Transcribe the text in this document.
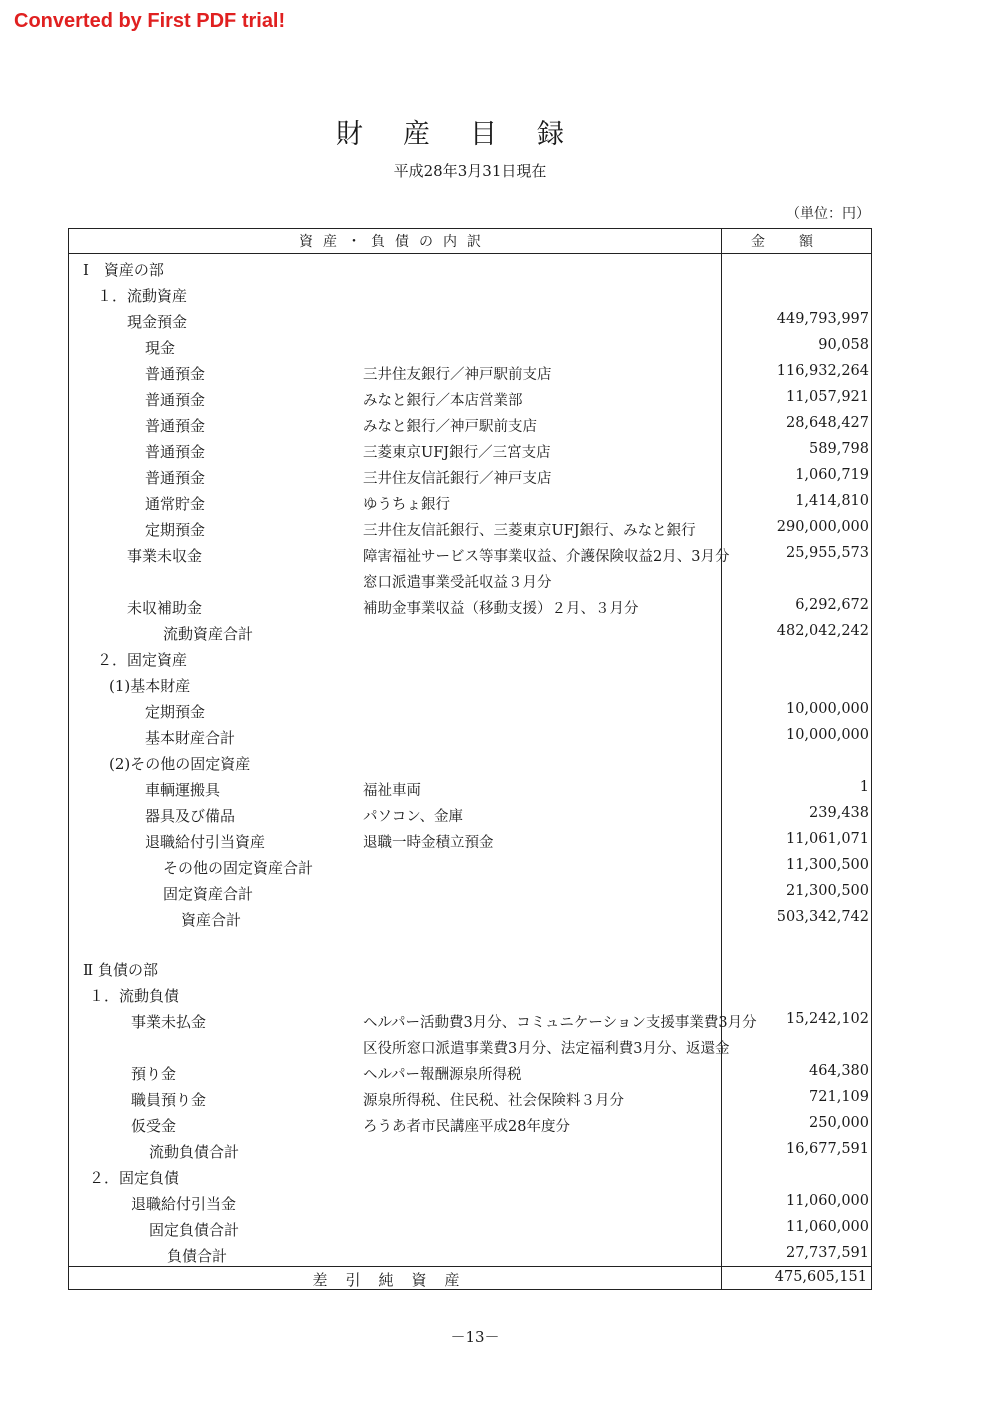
Converted by First PDF trial!
財産目録
平成28年3月31日現在
（単位：円）
資産・負債の内訳	金額
Ⅰ　資産の部
１．流動資産
現金預金	449,793,997
現金	90,058
普通預金	三井住友銀行／神戸駅前支店	116,932,264
普通預金	みなと銀行／本店営業部	11,057,921
普通預金	みなと銀行／神戸駅前支店	28,648,427
普通預金	三菱東京UFJ銀行／三宮支店	589,798
普通預金	三井住友信託銀行／神戸支店	1,060,719
通常貯金	ゆうちょ銀行	1,414,810
定期預金	三井住友信託銀行、三菱東京UFJ銀行、みなと銀行	290,000,000
事業未収金	障害福祉サービス等事業収益、介護保険収益2月、3月分	25,955,573
窓口派遣事業受託収益３月分
未収補助金	補助金事業収益（移動支援）２月、３月分	6,292,672
流動資産合計	482,042,242
２．固定資産
(1)基本財産
定期預金	10,000,000
基本財産合計	10,000,000
(2)その他の固定資産
車輌運搬具	福祉車両	1
器具及び備品	パソコン、金庫	239,438
退職給付引当資産	退職一時金積立預金	11,061,071
その他の固定資産合計	11,300,500
固定資産合計	21,300,500
資産合計	503,342,742
Ⅱ 負債の部
１．流動負債
事業未払金	ヘルパー活動費3月分、コミュニケーション支援事業費3月分 15,242,102
区役所窓口派遣事業費3月分、法定福利費3月分、返還金
預り金	ヘルパー報酬源泉所得税	464,380
職員預り金	源泉所得税、住民税、社会保険料３月分	721,109
仮受金	ろうあ者市民講座平成28年度分	250,000
流動負債合計	16,677,591
２．固定負債
退職給付引当金	11,060,000
固定負債合計	11,060,000
負債合計	27,737,591
差引純資産	475,605,151
－13－
